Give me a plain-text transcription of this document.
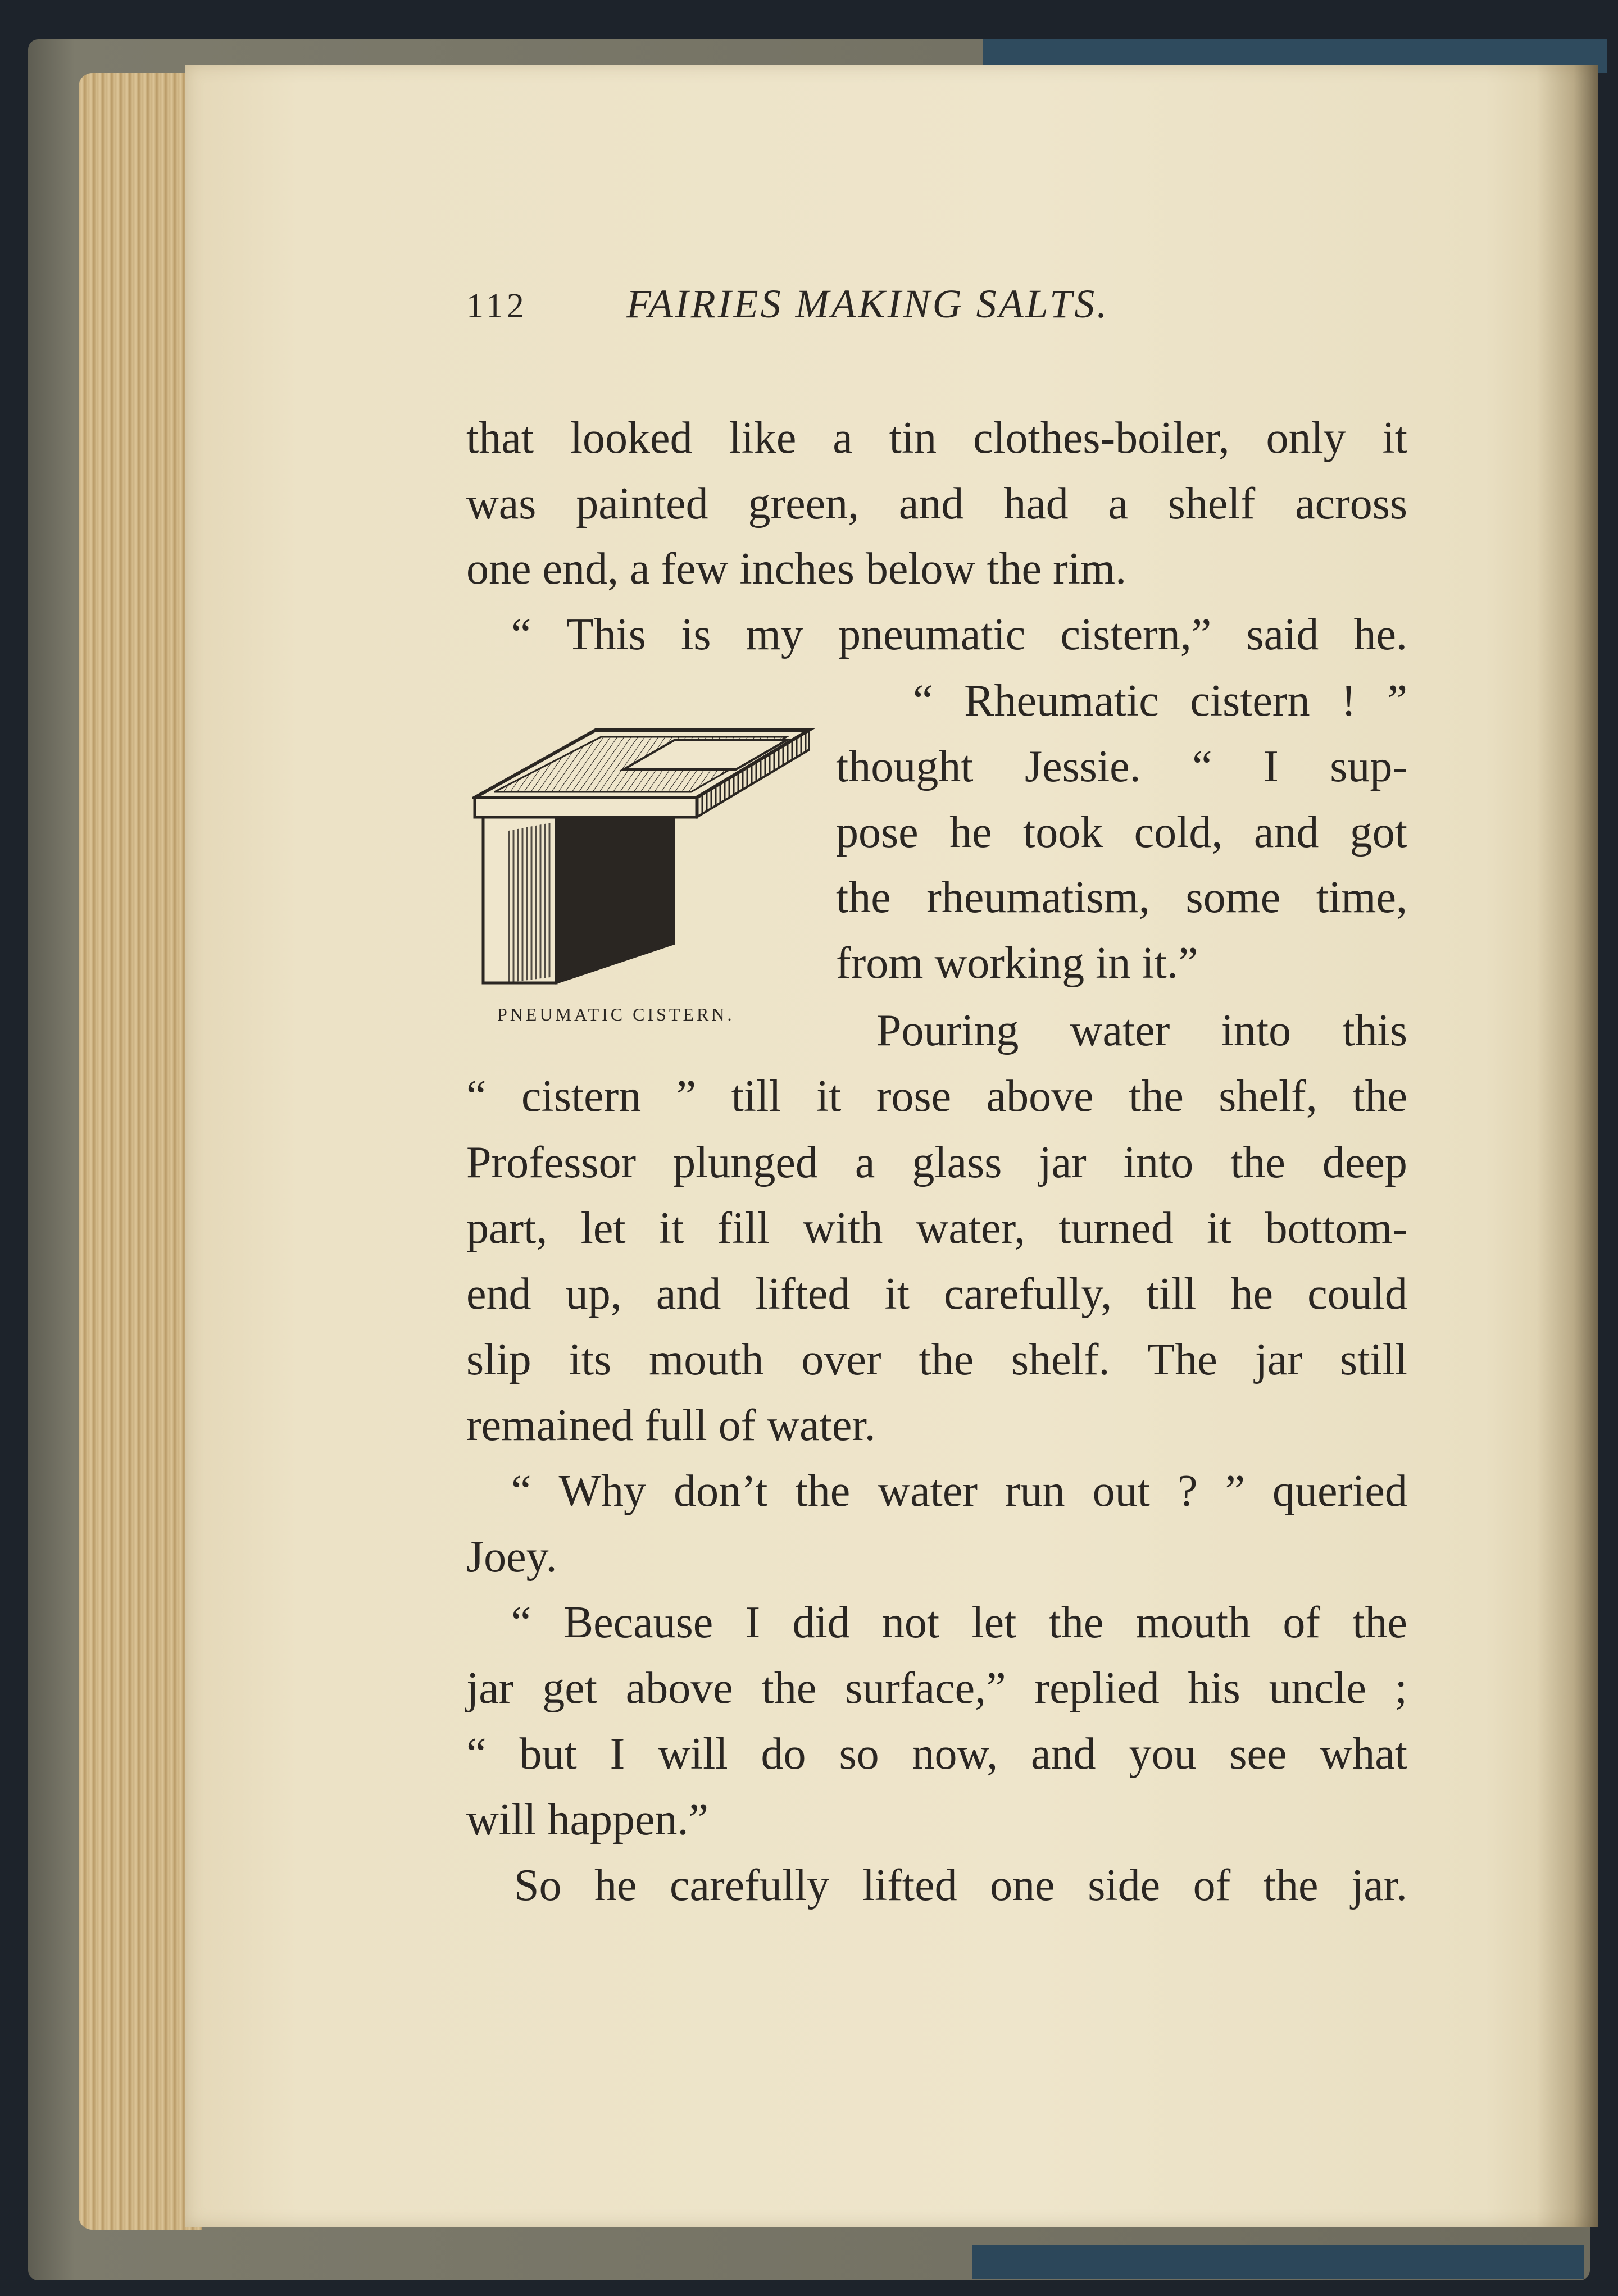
112 FAIRIES MAKING SALTS.
that looked like a tin clothes-boiler, only it
was painted green, and had a shelf across
one end, a few inches below the rim.
“ This is my pneumatic cistern,” said he.
PNEUMATIC CISTERN.
“ Rheumatic cistern ! ”
thought Jessie. “ I sup-
pose he took cold, and got
the rheumatism, some time,
from working in it.”
Pouring water into this
“ cistern ” till it rose above the shelf, the
Professor plunged a glass jar into the deep
part, let it fill with water, turned it bottom-
end up, and lifted it carefully, till he could
slip its mouth over the shelf. The jar still
remained full of water.
“ Why don’t the water run out ? ” queried
Joey.
“ Because I did not let the mouth of the
jar get above the surface,” replied his uncle ;
“ but I will do so now, and you see what
will happen.”
So he carefully lifted one side of the jar.
